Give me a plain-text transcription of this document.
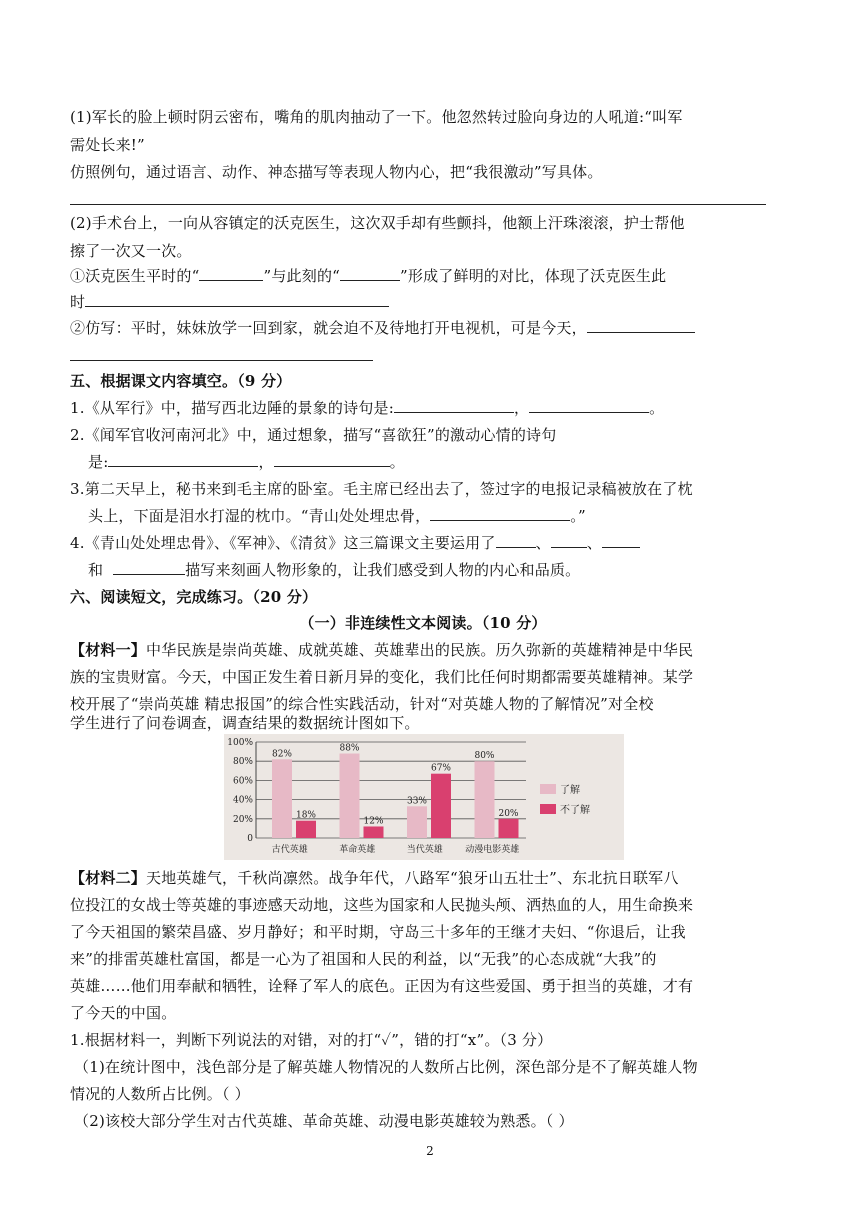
(1)军长的脸上顿时阴云密布，嘴角的肌肉抽动了一下。他忽然转过脸向身边的人吼道:“叫军
需处长来!”
仿照例句，通过语言、动作、神态描写等表现人物内心，把“我很激动”写具体。
(2)手术台上，一向从容镇定的沃克医生，这次双手却有些颤抖，他额上汗珠滚滚，护士帮他
擦了一次又一次。
①沃克医生平时的“	”与此刻的“	”形成了鲜明的对比，体现了沃克医生此
时
②仿写：平时，妹妹放学一回到家，就会迫不及待地打开电视机，可是今天，
五、根据课文内容填空。（9 分）
1.《从军行》中，描写西北边陲的景象的诗句是:	，	。
2.《闻军官收河南河北》中，通过想象，描写“喜欲狂”的激动心情的诗句
是:	，	。
3.第二天早上，秘书来到毛主席的卧室。毛主席已经出去了，签过字的电报记录稿被放在了枕
头上，下面是泪水打湿的枕巾。“青山处处埋忠骨，	。”
4.《青山处处埋忠骨》、《军神》、《清贫》这三篇课文主要运用了	、 、
和	描写来刻画人物形象的，让我们感受到人物的内心和品质。
六、阅读短文，完成练习。（20 分）
（一）非连续性文本阅读。（10 分）
【材料一】中华民族是崇尚英雄、成就英雄、英雄辈出的民族。历久弥新的英雄精神是中华民
族的宝贵财富。今天，中国正发生着日新月异的变化，我们比任何时期都需要英雄精神。某学
校开展了“崇尚英雄 精忠报国”的综合性实践活动，针对“对英雄人物的了解情况”对全校
学生进行了问卷调查，调查结果的数据统计图如下。
100%
80%
60%
40%
20%
0
82%
18%
古代英雄
88%
12%
革命英雄
33%
67%
当代英雄
80%
20%
动漫电影英雄
了解
不了解
【材料二】天地英雄气，千秋尚凛然。战争年代，八路军“狼牙山五壮士”、东北抗日联军八
位投江的女战士等英雄的事迹感天动地，这些为国家和人民抛头颅、洒热血的人，用生命换来
了今天祖国的繁荣昌盛、岁月静好；和平时期，守岛三十多年的王继才夫妇、“你退后，让我
来”的排雷英雄杜富国，都是一心为了祖国和人民的利益，以“无我”的心态成就“大我”的
英雄……他们用奉献和牺牲，诠释了军人的底色。正因为有这些爱国、勇于担当的英雄，才有
了今天的中国。
1.根据材料一，判断下列说法的对错，对的打“✓”，错的打“x”。（3 分）
（1)在统计图中，浅色部分是了解英雄人物情况的人数所占比例，深色部分是不了解英雄人物
情况的人数所占比例。（ ）
（2)该校大部分学生对古代英雄、革命英雄、动漫电影英雄较为熟悉。（ ）
2
